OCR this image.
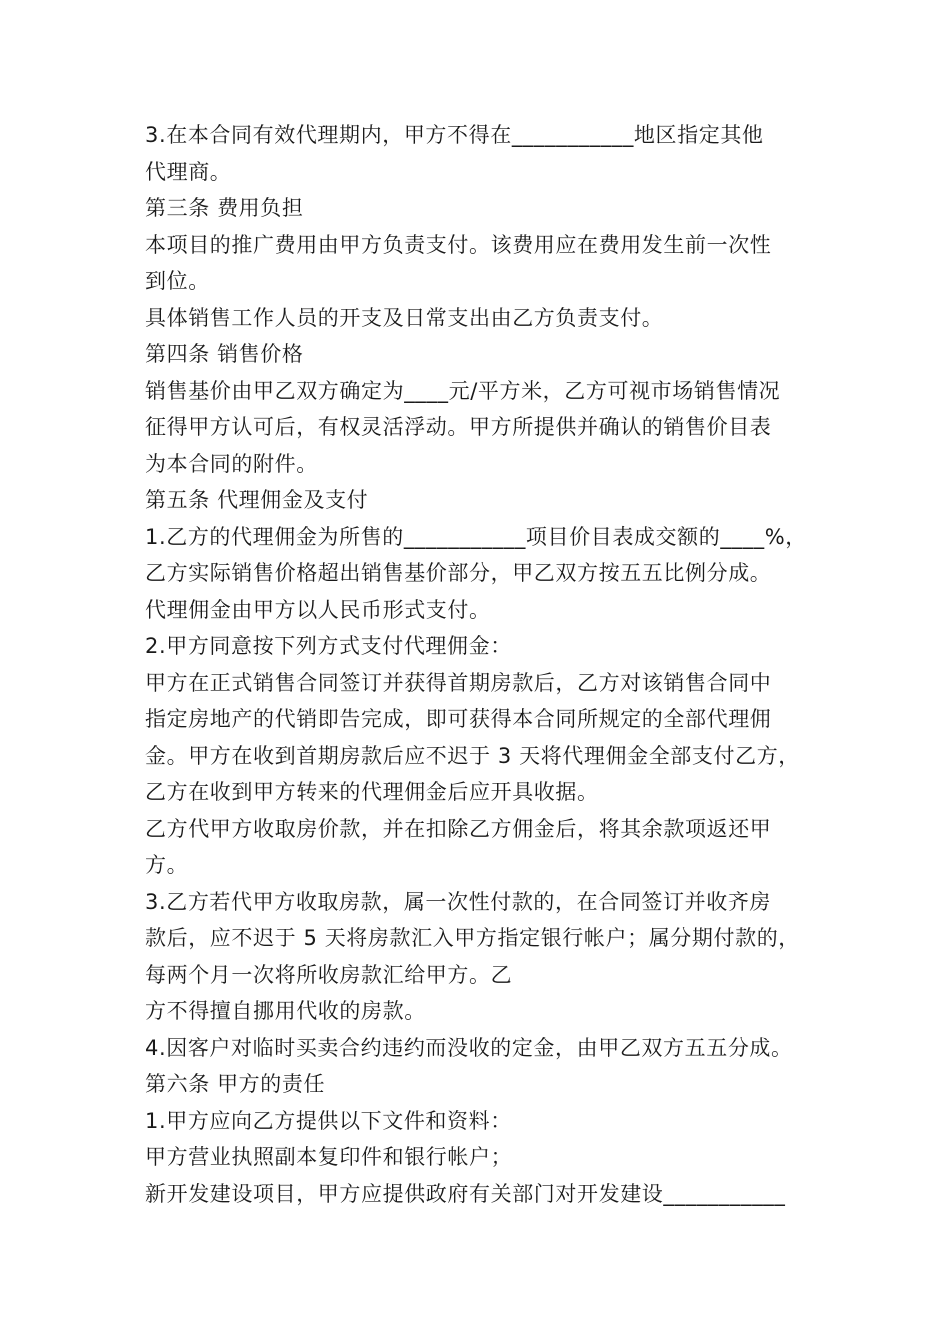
3.在本合同有效代理期内，甲方不得在___________地区指定其他
代理商。
第三条 费用负担
本项目的推广费用由甲方负责支付。该费用应在费用发生前一次性
到位。
具体销售工作人员的开支及日常支出由乙方负责支付。
第四条 销售价格
销售基价由甲乙双方确定为____元/平方米，乙方可视市场销售情况
征得甲方认可后，有权灵活浮动。甲方所提供并确认的销售价目表
为本合同的附件。
第五条 代理佣金及支付
1.乙方的代理佣金为所售的___________项目价目表成交额的____%，
乙方实际销售价格超出销售基价部分，甲乙双方按五五比例分成。
代理佣金由甲方以人民币形式支付。
2.甲方同意按下列方式支付代理佣金：
甲方在正式销售合同签订并获得首期房款后，乙方对该销售合同中
指定房地产的代销即告完成，即可获得本合同所规定的全部代理佣
金。甲方在收到首期房款后应不迟于 3 天将代理佣金全部支付乙方，
乙方在收到甲方转来的代理佣金后应开具收据。
乙方代甲方收取房价款，并在扣除乙方佣金后，将其余款项返还甲
方。
3.乙方若代甲方收取房款，属一次性付款的，在合同签订并收齐房
款后，应不迟于 5 天将房款汇入甲方指定银行帐户；属分期付款的，
每两个月一次将所收房款汇给甲方。乙
方不得擅自挪用代收的房款。
4.因客户对临时买卖合约违约而没收的定金，由甲乙双方五五分成。
第六条 甲方的责任
1.甲方应向乙方提供以下文件和资料：
甲方营业执照副本复印件和银行帐户；
新开发建设项目，甲方应提供政府有关部门对开发建设___________
